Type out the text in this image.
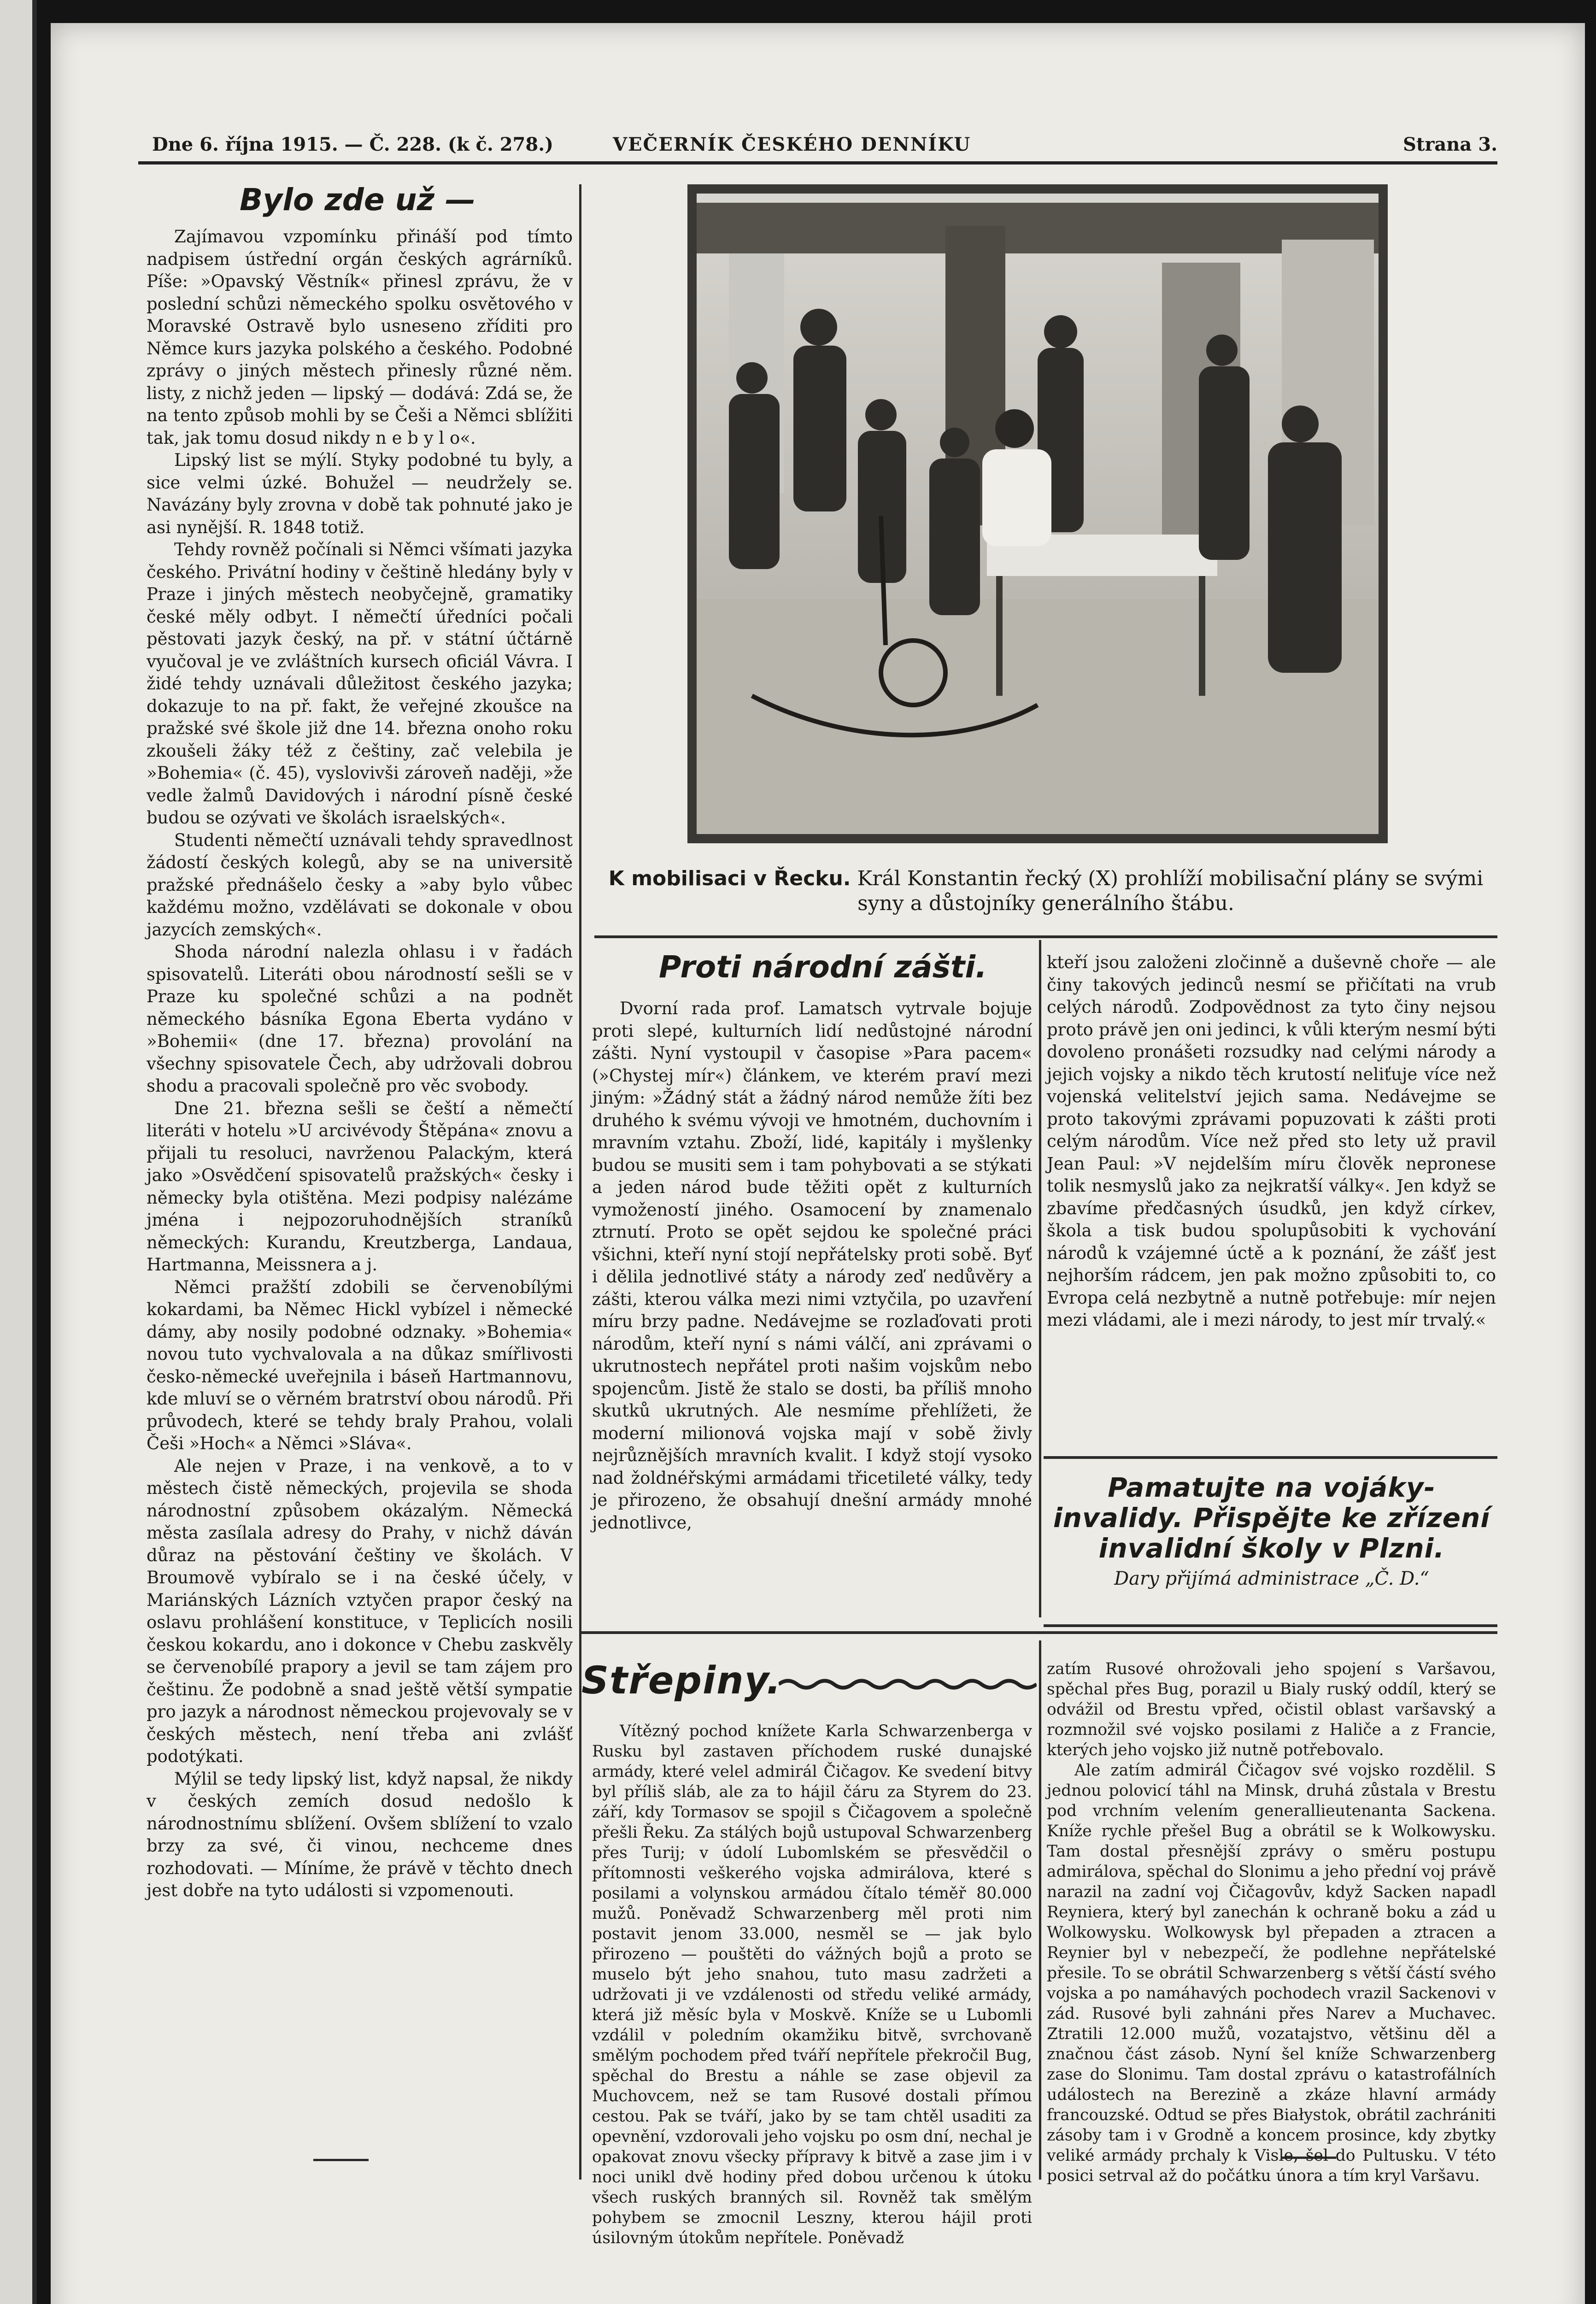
Dne 6. října 1915. — Č. 228. (k č. 278.)	VEČERNÍK ČESKÉHO DENNÍKU	Strana 3.
Bylo zde už —

Zajímavou vzpomínku přináší pod tímto nadpisem ústřední orgán českých agrárníků. Píše: »Opavský Věstník« přinesl zprávu, že v poslední schůzi německého spolku osvětového v Moravské Ostravě bylo usneseno zříditi pro Němce kurs jazyka polského a českého. Podobné zprávy o jiných městech přinesly různé něm. listy, z nichž jeden — lipský — dodává: Zdá se, že na tento způsob mohli by se Češi a Němci sblížiti tak, jak tomu dosud nikdy n e b y l o«.

Lipský list se mýlí. Styky podobné tu byly, a sice velmi úzké. Bohužel — neudržely se. Navázány byly zrovna v době tak pohnuté jako je asi nynější. R. 1848 totiž.

Tehdy rovněž počínali si Němci všímati jazyka českého. Privátní hodiny v češtině hledány byly v Praze i jiných městech neobyčejně, gramatiky české měly odbyt. I němečtí úředníci počali pěstovati jazyk český, na př. v státní účtárně vyučoval je ve zvláštních kursech oficiál Vávra. I židé tehdy uznávali důležitost českého jazyka; dokazuje to na př. fakt, že veřejné zkoušce na pražské své škole již dne 14. března onoho roku zkoušeli žáky též z češtiny, zač velebila je »Bohemia« (č. 45), vyslovivši zároveň naději, »že vedle žalmů Davidových i národní písně české budou se ozývati ve školách israelských«.

Studenti němečtí uznávali tehdy spravedlnost žádostí českých kolegů, aby se na universitě pražské přednášelo česky a »aby bylo vůbec každému možno, vzdělávati se dokonale v obou jazycích zemských«.

Shoda národní nalezla ohlasu i v řadách spisovatelů. Literáti obou národností sešli se v Praze ku společné schůzi a na podnět německého básníka Egona Eberta vydáno v »Bohemii« (dne 17. března) provolání na všechny spisovatele Čech, aby udržovali dobrou shodu a pracovali společně pro věc svobody.

Dne 21. března sešli se čeští a němečtí literáti v hotelu »U arcivévody Štěpána« znovu a přijali tu resoluci, navrženou Palackým, která jako »Osvědčení spisovatelů pražských« česky i německy byla otištěna. Mezi podpisy nalézáme jména i nejpozoruhodnějších straníků německých: Kurandu, Kreutzberga, Landaua, Hartmanna, Meissnera a j.

Němci pražští zdobili se červenobílými kokardami, ba Němec Hickl vybízel i německé dámy, aby nosily podobné odznaky. »Bohemia« novou tuto vychvalovala a na důkaz smířlivosti česko-německé uveřejnila i báseň Hartmannovu, kde mluví se o věrném bratrství obou národů. Při průvodech, které se tehdy braly Prahou, volali Češi »Hoch« a Němci »Sláva«.

Ale nejen v Praze, i na venkově, a to v městech čistě německých, projevila se shoda národnostní způsobem okázalým. Německá města zasílala adresy do Prahy, v nichž dáván důraz na pěstování češtiny ve školách. V Broumově vybíralo se i na české účely, v Mariánských Lázních vztyčen prapor český na oslavu prohlášení konstituce, v Teplicích nosili českou kokardu, ano i dokonce v Chebu zaskvěly se červenobílé prapory a jevil se tam zájem pro češtinu. Že podobně a snad ještě větší sympatie pro jazyk a národnost německou projevovaly se v českých městech, není třeba ani zvlášť podotýkati.

Mýlil se tedy lipský list, když napsal, že nikdy v českých zemích dosud nedošlo k národnostnímu sblížení. Ovšem sblížení to vzalo brzy za své, či vinou, nechceme dnes rozhodovati. — Míníme, že právě v těchto dnech jest dobře na tyto události si vzpomenouti.

K mobilisaci v Řecku. Král Konstantin řecký (X) prohlíží mobilisační plány se svými syny a důstojníky generálního štábu.
Proti národní zášti.

Dvorní rada prof. Lamatsch vytrvale bojuje proti slepé, kulturních lidí nedůstojné národní zášti. Nyní vystoupil v časopise »Para pacem« (»Chystej mír«) článkem, ve kterém praví mezi jiným: »Žádný stát a žádný národ nemůže žíti bez druhého k svému vývoji ve hmotném, duchovním i mravním vztahu. Zboží, lidé, kapitály i myšlenky budou se musiti sem i tam pohybovati a se stýkati a jeden národ bude těžiti opět z kulturních vymožeností jiného. Osamocení by znamenalo ztrnutí. Proto se opět sejdou ke společné práci všichni, kteří nyní stojí nepřátelsky proti sobě. Byť i dělila jednotlivé státy a národy zeď nedůvěry a zášti, kterou válka mezi nimi vztyčila, po uzavření míru brzy padne. Nedávejme se rozlaďovati proti národům, kteří nyní s námi válčí, ani zprávami o ukrutnostech nepřátel proti našim vojskům nebo spojencům. Jistě že stalo se dosti, ba příliš mnoho skutků ukrutných. Ale nesmíme přehlížeti, že moderní milionová vojska mají v sobě živly nejrůznějších mravních kvalit. I když stojí vysoko nad žoldnéřskými armádami třicetileté války, tedy je přirozeno, že obsahují dnešní armády mnohé jednotlivce,

kteří jsou založeni zločinně a duševně choře — ale činy takových jedinců nesmí se přičítati na vrub celých národů. Zodpovědnost za tyto činy nejsou proto právě jen oni jedinci, k vůli kterým nesmí býti dovoleno pronášeti rozsudky nad celými národy a jejich vojsky a nikdo těch krutostí neliťuje více než vojenská velitelství jejich sama. Nedávejme se proto takovými zprávami popuzovati k zášti proti celým národům. Více než před sto lety už pravil Jean Paul: »V nejdelším míru člověk nepronese tolik nesmyslů jako za nejkratší války«. Jen když se zbavíme předčasných úsudků, jen když církev, škola a tisk budou spolupůsobiti k vychování národů k vzájemné úctě a k poznání, že zášť jest nejhorším rádcem, jen pak možno způsobiti to, co Evropa celá nezbytně a nutně potřebuje: mír nejen mezi vládami, ale i mezi národy, to jest mír trvalý.«

Pamatujte na vojáky-invalidy. Přispějte ke zřízení invalidní školy v Plzni.
Dary přijímá administrace „Č. D.“
Střepiny.

Vítězný pochod knížete Karla Schwarzenberga v Rusku byl zastaven příchodem ruské dunajské armády, které velel admirál Čičagov. Ke svedení bitvy byl příliš sláb, ale za to hájil čáru za Styrem do 23. září, kdy Tormasov se spojil s Čičagovem a společně přešli Řeku. Za stálých bojů ustupoval Schwarzenberg přes Turij; v údolí Lubomlském se přesvědčil o přítomnosti veškerého vojska admirálova, které s posilami a volynskou armádou čítalo téměř 80.000 mužů. Poněvadž Schwarzenberg měl proti nim postavit jenom 33.000, nesměl se — jak bylo přirozeno — pouštěti do vážných bojů a proto se muselo být jeho snahou, tuto masu zadržeti a udržovati ji ve vzdálenosti od středu veliké armády, která již měsíc byla v Moskvě. Kníže se u Lubomli vzdálil v poledním okamžiku bitvě, svrchovaně smělým pochodem před tváří nepřítele překročil Bug, spěchal do Brestu a náhle se zase objevil za Muchovcem, než se tam Rusové dostali přímou cestou. Pak se tváří, jako by se tam chtěl usaditi za opevnění, vzdorovali jeho vojsku po osm dní, nechal je opakovat znovu všecky přípravy k bitvě a zase jim i v noci unikl dvě hodiny před dobou určenou k útoku všech ruských branných sil. Rovněž tak smělým pohybem se zmocnil Leszny, kterou hájil proti úsilovným útokům nepřítele. Poněvadž

zatím Rusové ohrožovali jeho spojení s Varšavou, spěchal přes Bug, porazil u Bialy ruský oddíl, který se odvážil od Brestu vpřed, očistil oblast varšavský a rozmnožil své vojsko posilami z Haliče a z Francie, kterých jeho vojsko již nutně potřebovalo.

Ale zatím admirál Čičagov své vojsko rozdělil. S jednou polovicí táhl na Minsk, druhá zůstala v Brestu pod vrchním velením generallieutenanta Sackena. Kníže rychle přešel Bug a obrátil se k Wolkowysku. Tam dostal přesnější zprávy o směru postupu admirálova, spěchal do Slonimu a jeho přední voj právě narazil na zadní voj Čičagovův, když Sacken napadl Reyniera, který byl zanechán k ochraně boku a zád u Wolkowysku. Wolkowysk byl přepaden a ztracen a Reynier byl v nebezpečí, že podlehne nepřátelské přesile. To se obrátil Schwarzenberg s větší částí svého vojska a po namáhavých pochodech vrazil Sackenovi v zád. Rusové byli zahnáni přes Narev a Muchavec. Ztratili 12.000 mužů, vozatajstvo, většinu děl a značnou část zásob. Nyní šel kníže Schwarzenberg zase do Slonimu. Tam dostal zprávu o katastrofálních událostech na Berezině a zkáze hlavní armády francouzské. Odtud se přes Białystok, obrátil zachrániti zásoby tam i v Grodně a koncem prosince, kdy zbytky veliké armády prchaly k Visle, šel do Pultusku. V této posici setrval až do počátku února a tím kryl Varšavu.
